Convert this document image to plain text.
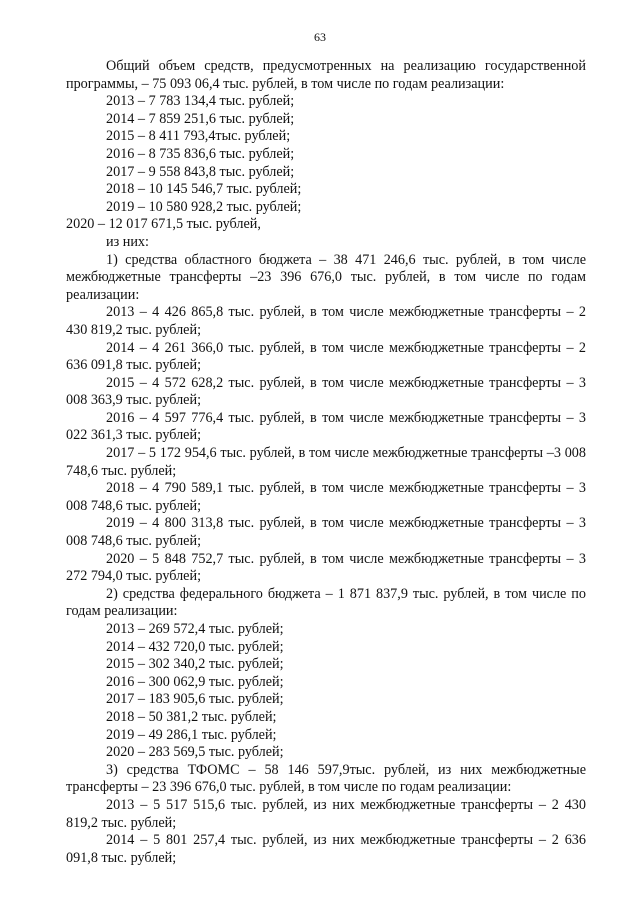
63

Общий объем средств, предусмотренных на реализацию государственной программы, – 75 093 06,4 тыс. рублей, в том числе по годам реализации:

2013 – 7 783 134,4 тыс. рублей;

2014 – 7 859 251,6 тыс. рублей;

2015 – 8 411 793,4тыс. рублей;

2016 – 8 735 836,6 тыс. рублей;

2017 – 9 558 843,8 тыс. рублей;

2018 – 10 145 546,7 тыс. рублей;

2019 – 10 580 928,2 тыс. рублей;

2020 – 12 017 671,5 тыс. рублей,

из них:

1) средства областного бюджета – 38 471 246,6 тыс. рублей, в том числе межбюджетные трансферты –23 396 676,0 тыс. рублей, в том числе по годам реализации:

2013 – 4 426 865,8 тыс. рублей, в том числе межбюджетные трансферты – 2 430 819,2 тыс. рублей;

2014 – 4 261 366,0 тыс. рублей, в том числе межбюджетные трансферты – 2 636 091,8 тыс. рублей;

2015 – 4 572 628,2 тыс. рублей, в том числе межбюджетные трансферты – 3 008 363,9 тыс. рублей;

2016 – 4 597 776,4 тыс. рублей, в том числе межбюджетные трансферты – 3 022 361,3 тыс. рублей;

2017 – 5 172 954,6 тыс. рублей, в том числе межбюджетные трансферты –3 008 748,6 тыс. рублей;

2018 – 4 790 589,1 тыс. рублей, в том числе межбюджетные трансферты – 3 008 748,6 тыс. рублей;

2019 – 4 800 313,8 тыс. рублей, в том числе межбюджетные трансферты – 3 008 748,6 тыс. рублей;

2020 – 5 848 752,7 тыс. рублей, в том числе межбюджетные трансферты – 3 272 794,0 тыс. рублей;

2) средства федерального бюджета – 1 871 837,9 тыс. рублей, в том числе по годам реализации:

2013 – 269 572,4 тыс. рублей;

2014 – 432 720,0 тыс. рублей;

2015 – 302 340,2 тыс. рублей;

2016 – 300 062,9 тыс. рублей;

2017 – 183 905,6 тыс. рублей;

2018 – 50 381,2 тыс. рублей;

2019 – 49 286,1 тыс. рублей;

2020 – 283 569,5 тыс. рублей;

3) средства ТФОМС – 58 146 597,9тыс. рублей, из них межбюджетные трансферты – 23 396 676,0 тыс. рублей, в том числе по годам реализации:

2013 – 5 517 515,6 тыс. рублей, из них межбюджетные трансферты – 2 430 819,2 тыс. рублей;

2014 – 5 801 257,4 тыс. рублей, из них межбюджетные трансферты – 2 636 091,8 тыс. рублей;
